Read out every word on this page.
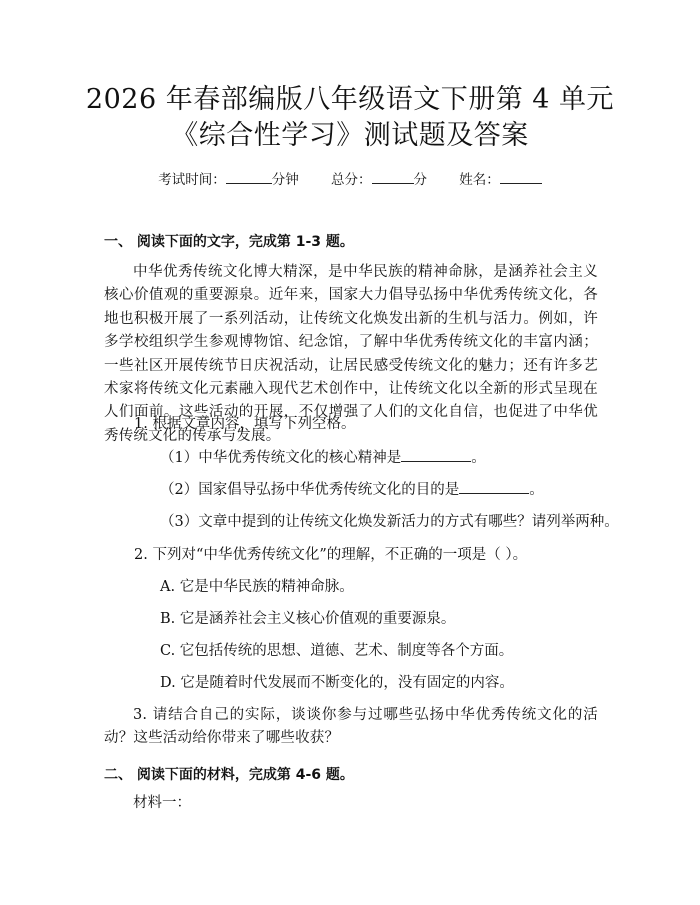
2026 年春部编版八年级语文下册第 4 单元
《综合性学习》测试题及答案
考试时间：	分钟 总分：	分 姓名：
一、 阅读下面的文字，完成第 1-3 题。
中华优秀传统文化博大精深，是中华民族的精神命脉，是涵养社会主义核心价值观的重要源泉。近年来，国家大力倡导弘扬中华优秀传统文化，各地也积极开展了一系列活动，让传统文化焕发出新的生机与活力。例如，许多学校组织学生参观博物馆、纪念馆，了解中华优秀传统文化的丰富内涵；一些社区开展传统节日庆祝活动，让居民感受传统文化的魅力；还有许多艺术家将传统文化元素融入现代艺术创作中，让传统文化以全新的形式呈现在人们面前。这些活动的开展，不仅增强了人们的文化自信，也促进了中华优秀传统文化的传承与发展。
1. 根据文章内容，填写下列空格。
（1）中华优秀传统文化的核心精神是	。
（2）国家倡导弘扬中华优秀传统文化的目的是	。
（3）文章中提到的让传统文化焕发新活力的方式有哪些？请列举两种。
2. 下列对“中华优秀传统文化”的理解，不正确的一项是（ ）。
A. 它是中华民族的精神命脉。
B. 它是涵养社会主义核心价值观的重要源泉。
C. 它包括传统的思想、道德、艺术、制度等各个方面。
D. 它是随着时代发展而不断变化的，没有固定的内容。
3. 请结合自己的实际，谈谈你参与过哪些弘扬中华优秀传统文化的活动？这些活动给你带来了哪些收获？
二、 阅读下面的材料，完成第 4-6 题。
材料一：
